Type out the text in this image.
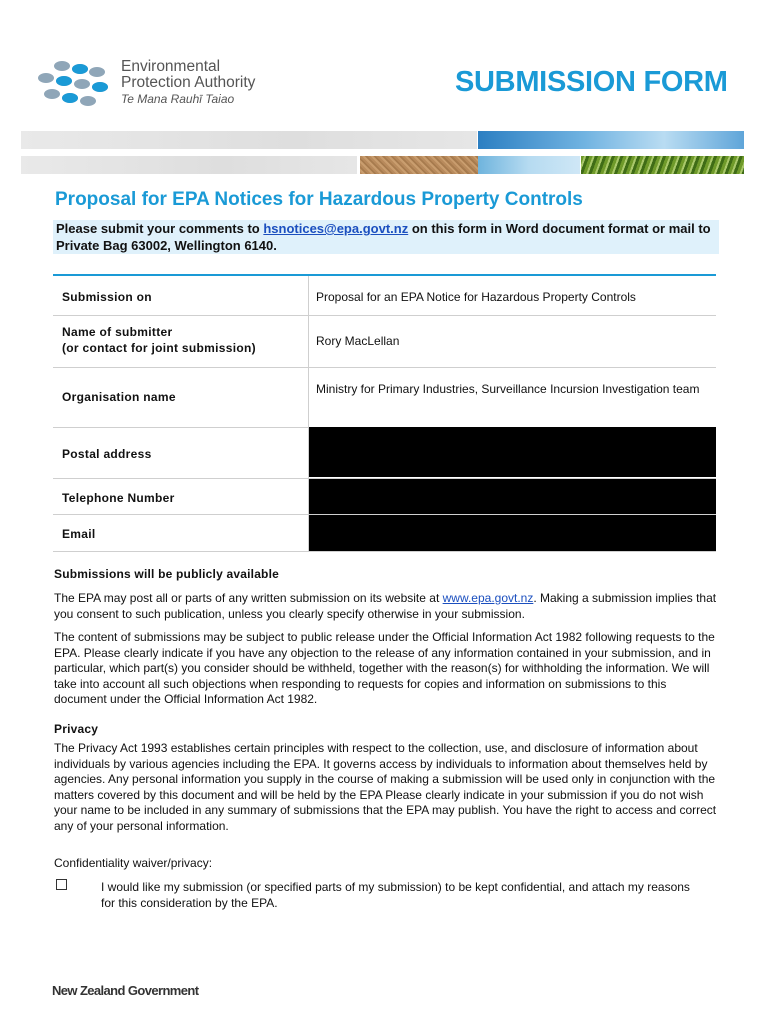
Environmental
Protection Authority
Te Mana Rauhī Taiao
SUBMISSION FORM
Proposal for EPA Notices for Hazardous Property Controls
Please submit your comments to hsnotices@epa.govt.nz on this form in Word document format or mail to Private Bag 63002, Wellington 6140.
Submission on	Proposal for an EPA Notice for Hazardous Property Controls
Name of submitter
(or contact for joint submission)	Rory MacLellan
Organisation name
Ministry for Primary Industries, Surveillance Incursion Investigation team
Postal address
Telephone Number
Email
Submissions will be publicly available
The EPA may post all or parts of any written submission on its website at www.epa.govt.nz. Making a submission implies that you consent to such publication, unless you clearly specify otherwise in your submission.
The content of submissions may be subject to public release under the Official Information Act 1982 following requests to the EPA. Please clearly indicate if you have any objection to the release of any information contained in your submission, and in particular, which part(s) you consider should be withheld, together with the reason(s) for withholding the information. We will take into account all such objections when responding to requests for copies and information on submissions to this document under the Official Information Act 1982.
Privacy
The Privacy Act 1993 establishes certain principles with respect to the collection, use, and disclosure of information about individuals by various agencies including the EPA. It governs access by individuals to information about themselves held by agencies. Any personal information you supply in the course of making a submission will be used only in conjunction with the matters covered by this document and will be held by the EPA Please clearly indicate in your submission if you do not wish your name to be included in any summary of submissions that the EPA may publish. You have the right to access and correct any of your personal information.
Confidentiality waiver/privacy:
I would like my submission (or specified parts of my submission) to be kept confidential, and attach my reasons for this consideration by the EPA.
New Zealand Government
